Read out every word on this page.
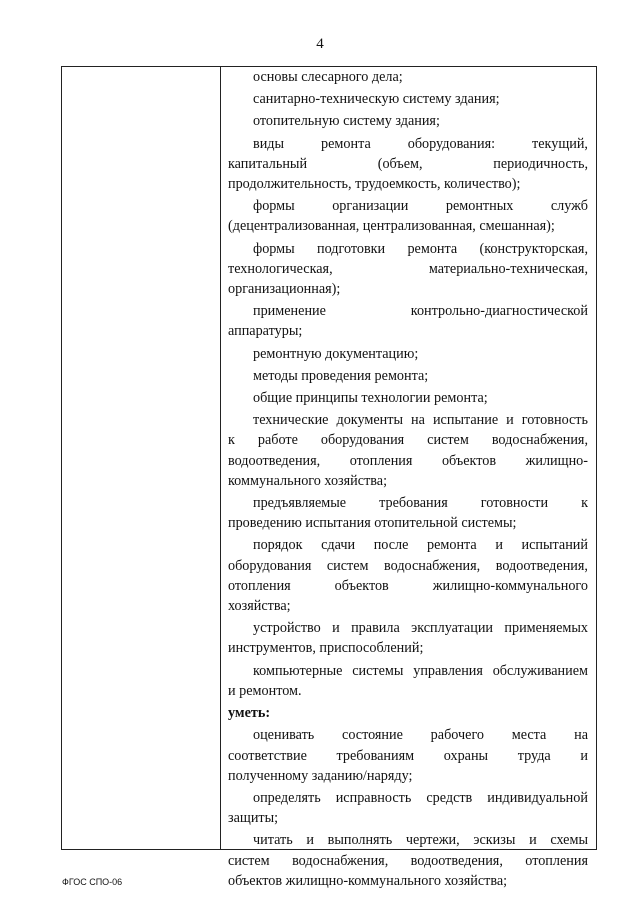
4
основы слесарного дела;
санитарно-техническую систему здания;
отопительную систему здания;
виды	ремонта	оборудования:	текущий,
капитальный	(объем,	периодичность,
продолжительность, трудоемкость, количество);
формы	организации	ремонтных	служб
(децентрализованная, централизованная, смешанная);
формы подготовки ремонта (конструкторская,
технологическая,	материально-техническая,
организационная);
применение	контрольно-диагностической
аппаратуры;
ремонтную документацию;
методы проведения ремонта;
общие принципы технологии ремонта;
технические документы на испытание и готовность
к работе оборудования систем водоснабжения,
водоотведения, отопления объектов жилищно-
коммунального хозяйства;
предъявляемые требования готовности к
проведению испытания отопительной системы;
порядок сдачи после ремонта и испытаний
оборудования систем водоснабжения, водоотведения,
отопления	объектов	жилищно-коммунального
хозяйства;
устройство и правила эксплуатации применяемых
инструментов, приспособлений;
компьютерные системы управления обслуживанием
и ремонтом.
уметь:
оценивать состояние рабочего места на
соответствие требованиям охраны труда и
полученному заданию/наряду;
определять исправность средств индивидуальной
защиты;
читать и выполнять чертежи, эскизы и схемы
систем водоснабжения, водоотведения, отопления
объектов жилищно-коммунального хозяйства;
ФГОС СПО-06
